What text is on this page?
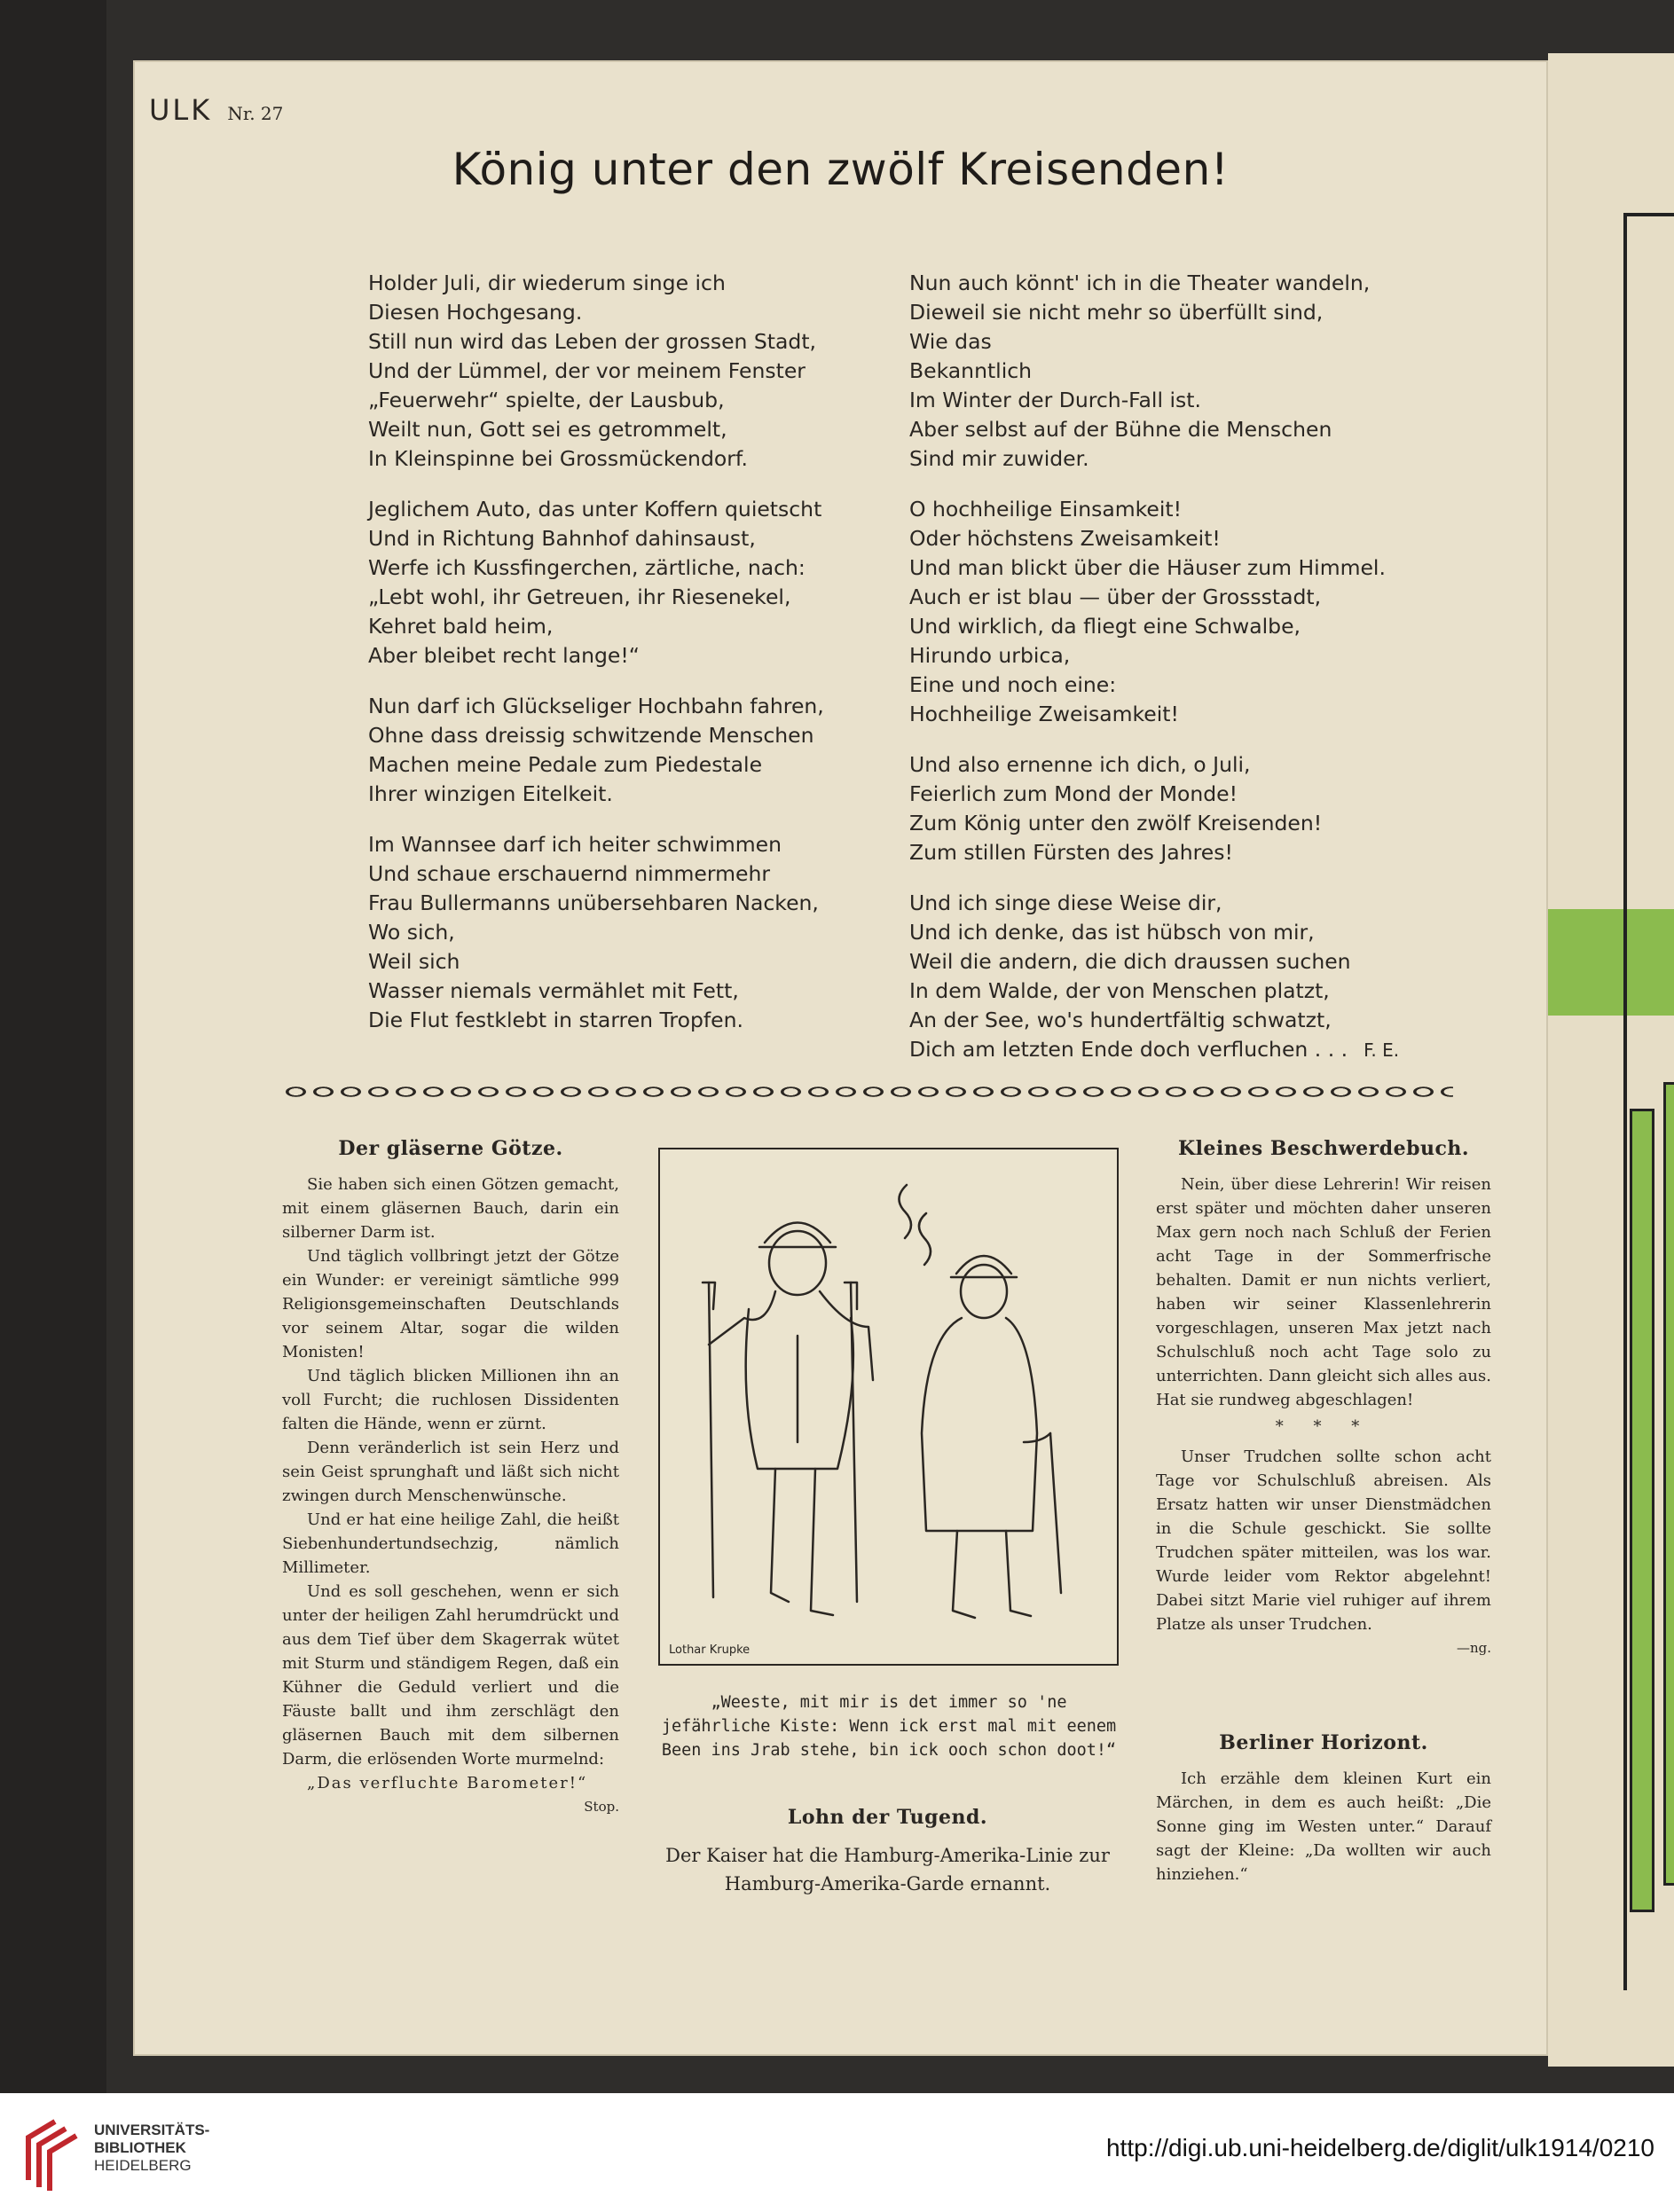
ULK Nr. 27
König unter den zwölf Kreisenden!
Holder Juli, dir wiederum singe ich
Diesen Hochgesang.
Still nun wird das Leben der grossen Stadt,
Und der Lümmel, der vor meinem Fenster
„Feuerwehr“ spielte, der Lausbub,
Weilt nun, Gott sei es getrommelt,
In Kleinspinne bei Grossmückendorf.
Jeglichem Auto, das unter Koffern quietscht
Und in Richtung Bahnhof dahinsaust,
Werfe ich Kussfingerchen, zärtliche, nach:
„Lebt wohl, ihr Getreuen, ihr Riesenekel,
Kehret bald heim,
Aber bleibet recht lange!“
Nun darf ich Glückseliger Hochbahn fahren,
Ohne dass dreissig schwitzende Menschen
Machen meine Pedale zum Piedestale
Ihrer winzigen Eitelkeit.
Im Wannsee darf ich heiter schwimmen
Und schaue erschauernd nimmermehr
Frau Bullermanns unübersehbaren Nacken,
Wo sich,
Weil sich
Wasser niemals vermählet mit Fett,
Die Flut festklebt in starren Tropfen.
Nun auch könnt' ich in die Theater wandeln,
Dieweil sie nicht mehr so überfüllt sind,
Wie das
Bekanntlich
Im Winter der Durch-Fall ist.
Aber selbst auf der Bühne die Menschen
Sind mir zuwider.
O hochheilige Einsamkeit!
Oder höchstens Zweisamkeit!
Und man blickt über die Häuser zum Himmel.
Auch er ist blau — über der Grossstadt,
Und wirklich, da fliegt eine Schwalbe,
Hirundo urbica,
Eine und noch eine:
Hochheilige Zweisamkeit!
Und also ernenne ich dich, o Juli,
Feierlich zum Mond der Monde!
Zum König unter den zwölf Kreisenden!
Zum stillen Fürsten des Jahres!
Und ich singe diese Weise dir,
Und ich denke, das ist hübsch von mir,
Weil die andern, die dich draussen suchen
In dem Walde, der von Menschen platzt,
An der See, wo's hundertfältig schwatzt,
Dich am letzten Ende doch verfluchen . . . F. E.
Der gläserne Götze.

Sie haben sich einen Götzen gemacht, mit einem gläsernen Bauch, darin ein silberner Darm ist.

Und täglich vollbringt jetzt der Götze ein Wunder: er vereinigt sämtliche 999 Religionsgemeinschaften Deutschlands vor seinem Altar, sogar die wilden Monisten!

Und täglich blicken Millionen ihn an voll Furcht; die ruchlosen Dissidenten falten die Hände, wenn er zürnt.

Denn veränderlich ist sein Herz und sein Geist sprunghaft und läßt sich nicht zwingen durch Menschenwünsche.

Und er hat eine heilige Zahl, die heißt Siebenhundertundsechzig, nämlich Millimeter.

Und es soll geschehen, wenn er sich unter der heiligen Zahl herumdrückt und aus dem Tief über dem Skagerrak wütet mit Sturm und ständigem Regen, daß ein Kühner die Geduld verliert und die Fäuste ballt und ihm zerschlägt den gläsernen Bauch mit dem silbernen Darm, die erlösenden Worte murmelnd:

„Das verfluchte Barometer!“

Stop.
Lothar Krupke
„Weeste, mit mir is det immer so 'ne jefährliche Kiste: Wenn ick erst mal mit eenem Been ins Jrab stehe, bin ick ooch schon doot!“
Lohn der Tugend.

Der Kaiser hat die Hamburg-Amerika-Linie zur Hamburg-Amerika-Garde ernannt.

Kleines Beschwerdebuch.

Nein, über diese Lehrerin! Wir reisen erst später und möchten daher unseren Max gern noch nach Schluß der Ferien acht Tage in der Sommerfrische behalten. Damit er nun nichts verliert, haben wir seiner Klassenlehrerin vorgeschlagen, unseren Max jetzt nach Schulschluß noch acht Tage solo zu unterrichten. Dann gleicht sich alles aus. Hat sie rundweg abgeschlagen!

* * *

Unser Trudchen sollte schon acht Tage vor Schulschluß abreisen. Als Ersatz hatten wir unser Dienstmädchen in die Schule geschickt. Sie sollte Trudchen später mitteilen, was los war. Wurde leider vom Rektor abgelehnt! Dabei sitzt Marie viel ruhiger auf ihrem Platze als unser Trudchen.

—ng.
Berliner Horizont.

Ich erzähle dem kleinen Kurt ein Märchen, in dem es auch heißt: „Die Sonne ging im Westen unter.“ Darauf sagt der Kleine: „Da wollten wir auch hinziehen.“

UNIVERSITÄTS-
BIBLIOTHEK
HEIDELBERG
http://digi.ub.uni-heidelberg.de/diglit/ulk1914/0210
